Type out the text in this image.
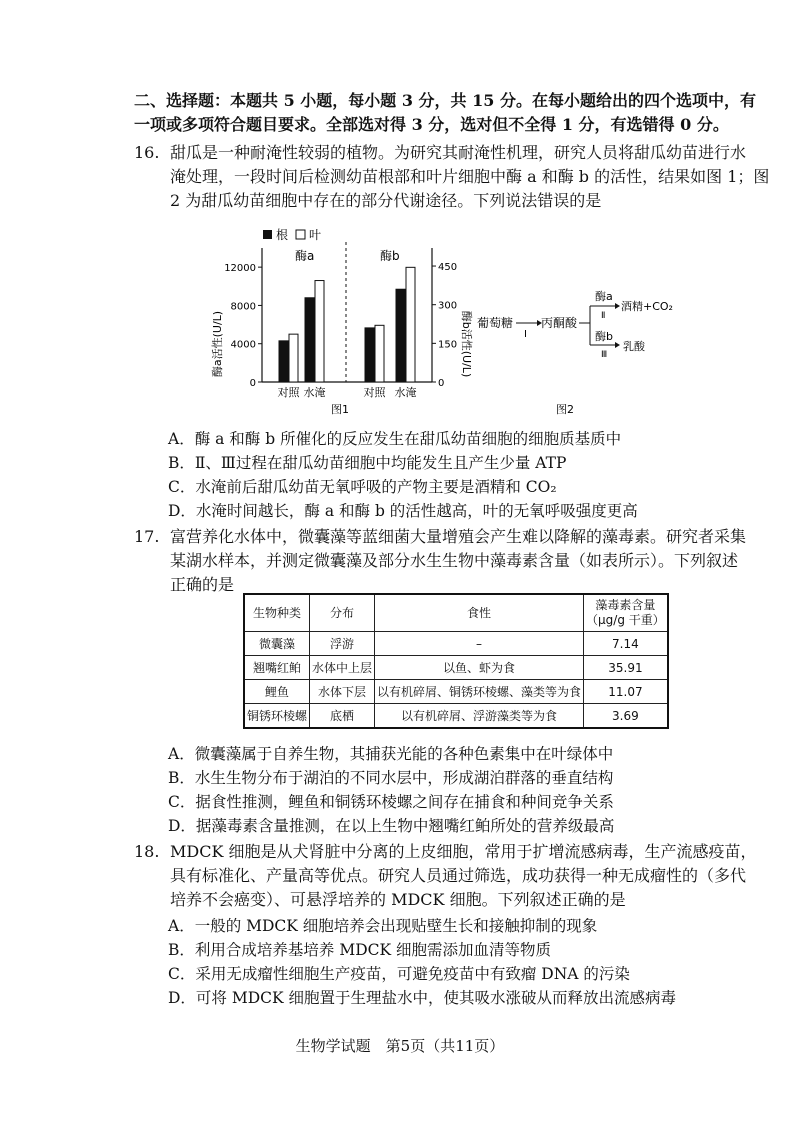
二、选择题：本题共 5 小题，每小题 3 分，共 15 分。在每小题给出的四个选项中，有
一项或多项符合题目要求。全部选对得 3 分，选对但不全得 1 分，有选错得 0 分。
16. 甜瓜是一种耐淹性较弱的植物。为研究其耐淹性机理，研究人员将甜瓜幼苗进行水
淹处理，一段时间后检测幼苗根部和叶片细胞中酶 a 和酶 b 的活性，结果如图 1；图
2 为甜瓜幼苗细胞中存在的部分代谢途径。下列说法错误的是
根 叶
酶a	酶b
酶a活性(U/L)	酶b活性(U/L)
0
4000
8000
12000
0
150
300
450
对照 水淹	对照 水淹
图1
葡萄糖
Ⅰ
丙酮酸
酶a
Ⅱ
酒精+CO₂
酶b
Ⅲ
乳酸
图2
A．酶 a 和酶 b 所催化的反应发生在甜瓜幼苗细胞的细胞质基质中
B．Ⅱ、Ⅲ过程在甜瓜幼苗细胞中均能发生且产生少量 ATP
C．水淹前后甜瓜幼苗无氧呼吸的产物主要是酒精和 CO₂
D．水淹时间越长，酶 a 和酶 b 的活性越高，叶的无氧呼吸强度更高
17. 富营养化水体中，微囊藻等蓝细菌大量增殖会产生难以降解的藻毒素。研究者采集
某湖水样本，并测定微囊藻及部分水生生物中藻毒素含量（如表所示）。下列叙述
正确的是
生物种类	分布	食性	藻毒素含量
（μg/g 干重）
微囊藻	浮游	–	7.14
翘嘴红鲌	水体中上层	以鱼、虾为食	35.91
鲤鱼	水体下层	以有机碎屑、铜锈环棱螺、藻类等为食	11.07
铜锈环棱螺	底栖	以有机碎屑、浮游藻类等为食	3.69
A．微囊藻属于自养生物，其捕获光能的各种色素集中在叶绿体中
B．水生生物分布于湖泊的不同水层中，形成湖泊群落的垂直结构
C．据食性推测，鲤鱼和铜锈环棱螺之间存在捕食和种间竞争关系
D．据藻毒素含量推测，在以上生物中翘嘴红鲌所处的营养级最高
18. MDCK 细胞是从犬肾脏中分离的上皮细胞，常用于扩增流感病毒，生产流感疫苗，
具有标准化、产量高等优点。研究人员通过筛选，成功获得一种无成瘤性的（多代
培养不会癌变）、可悬浮培养的 MDCK 细胞。下列叙述正确的是
A．一般的 MDCK 细胞培养会出现贴壁生长和接触抑制的现象
B．利用合成培养基培养 MDCK 细胞需添加血清等物质
C．采用无成瘤性细胞生产疫苗，可避免疫苗中有致瘤 DNA 的污染
D．可将 MDCK 细胞置于生理盐水中，使其吸水涨破从而释放出流感病毒
生物学试题　第5页（共11页）
